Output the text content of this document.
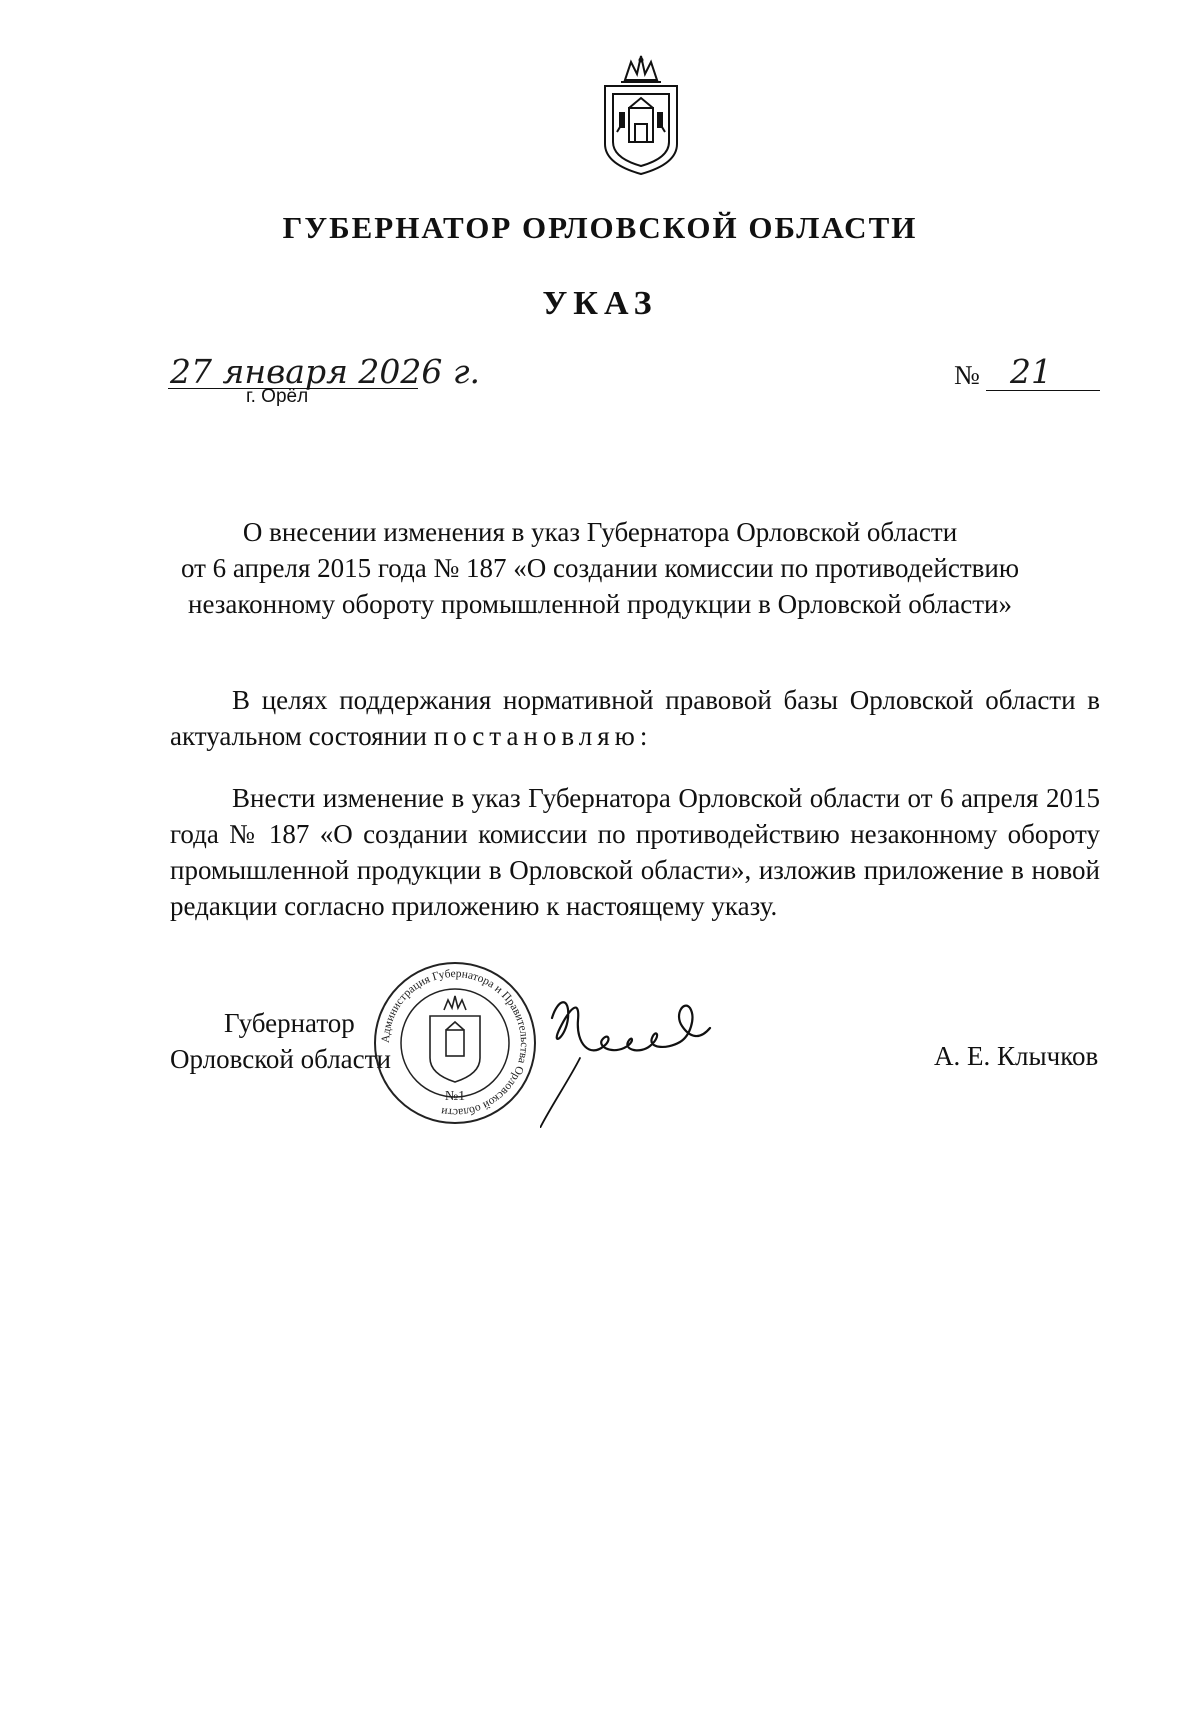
ГУБЕРНАТОР ОРЛОВСКОЙ ОБЛАСТИ
УКАЗ
27 января 2026 г.
г. Орёл
№ 21
О внесении изменения в указ Губернатора Орловской области
от 6 апреля 2015 года № 187 «О создании комиссии по противодействию
незаконному обороту промышленной продукции в Орловской области»
В целях поддержания нормативной правовой базы Орловской области в актуальном состоянии постановляю:
Внести изменение в указ Губернатора Орловской области от 6 апреля 2015 года № 187 «О создании комиссии по противодействию незаконному обороту промышленной продукции в Орловской области», изложив приложение в новой редакции согласно приложению к настоящему указу.
Губернатор
Орловской области	А. Е. Клычков
Администрация Губернатора и Правительства Орловской области
№1
